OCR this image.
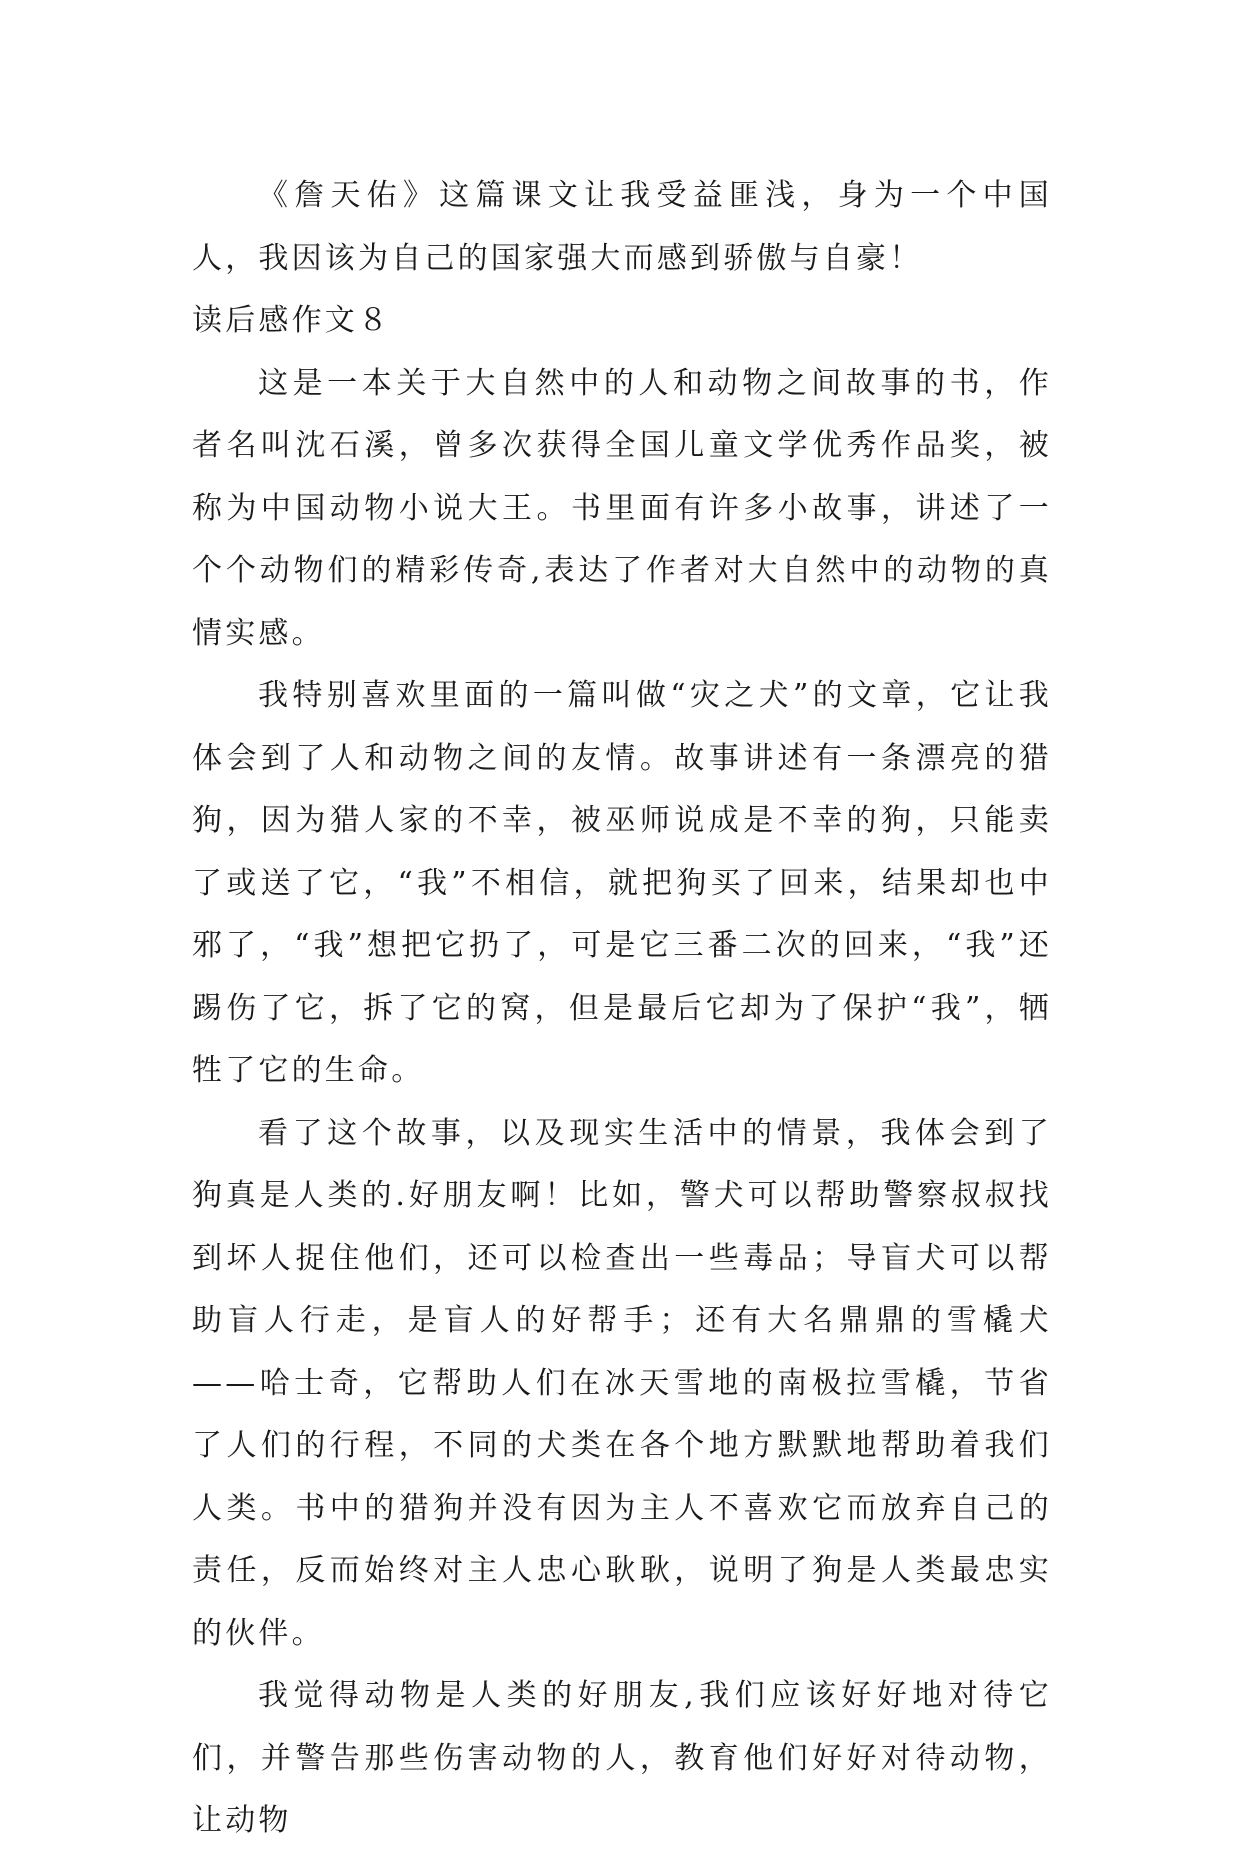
《詹天佑》这篇课文让我受益匪浅，身为一个中国人，我因该为自己的国家强大而感到骄傲与自豪！

读后感作文８

这是一本关于大自然中的人和动物之间故事的书，作者名叫沈石溪，曾多次获得全国儿童文学优秀作品奖，被称为中国动物小说大王。书里面有许多小故事，讲述了一个个动物们的精彩传奇,表达了作者对大自然中的动物的真情实感。

我特别喜欢里面的一篇叫做“灾之犬”的文章，它让我体会到了人和动物之间的友情。故事讲述有一条漂亮的猎狗，因为猎人家的不幸，被巫师说成是不幸的狗，只能卖了或送了它，“我”不相信，就把狗买了回来，结果却也中邪了，“我”想把它扔了，可是它三番二次的回来，“我”还踢伤了它，拆了它的窝，但是最后它却为了保护“我”，牺牲了它的生命。

看了这个故事，以及现实生活中的情景，我体会到了狗真是人类的.好朋友啊！比如，警犬可以帮助警察叔叔找到坏人捉住他们，还可以检查出一些毒品；导盲犬可以帮助盲人行走，是盲人的好帮手；还有大名鼎鼎的雪橇犬——哈士奇，它帮助人们在冰天雪地的南极拉雪橇，节省了人们的行程，不同的犬类在各个地方默默地帮助着我们人类。书中的猎狗并没有因为主人不喜欢它而放弃自己的责任，反而始终对主人忠心耿耿，说明了狗是人类最忠实的伙伴。

我觉得动物是人类的好朋友,我们应该好好地对待它们，并警告那些伤害动物的人，教育他们好好对待动物，让动物
